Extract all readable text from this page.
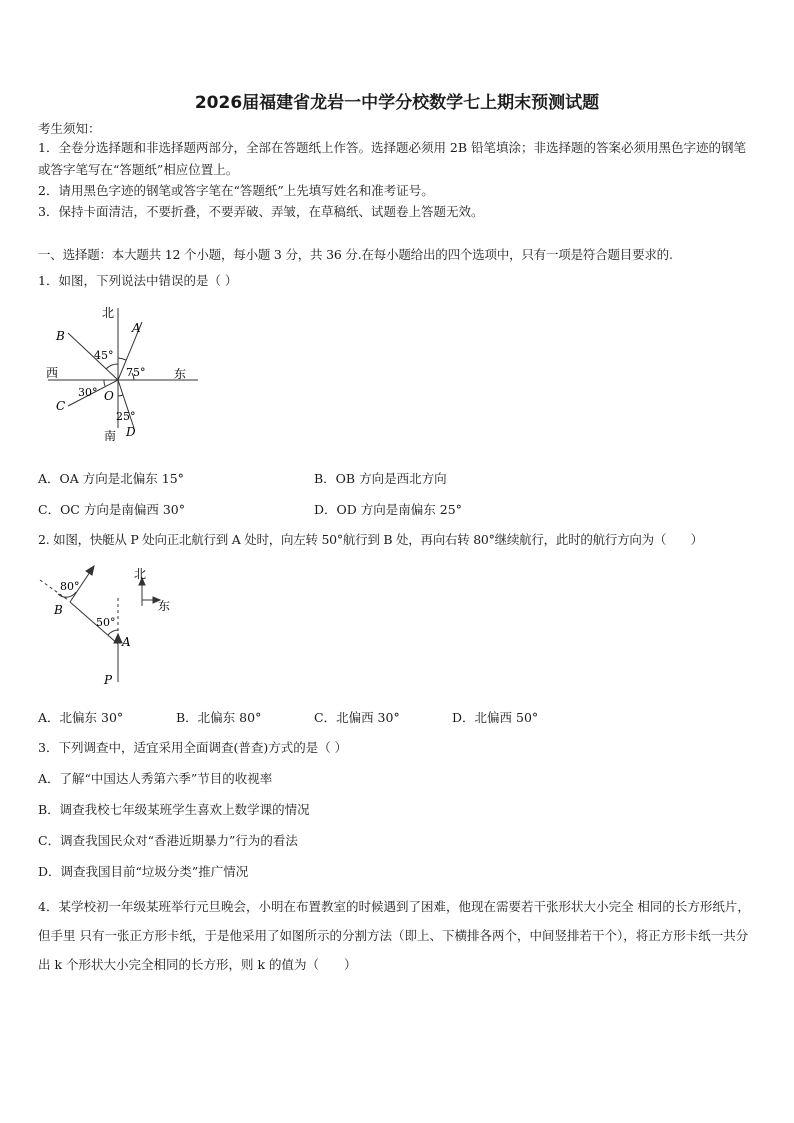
2026届福建省龙岩一中学分校数学七上期末预测试题
考生须知：
1．全卷分选择题和非选择题两部分，全部在答题纸上作答。选择题必须用 2B 铅笔填涂；非选择题的答案必须用黑色字迹的钢笔或答字笔写在“答题纸”相应位置上。
2．请用黑色字迹的钢笔或答字笔在“答题纸”上先填写姓名和准考证号。
3．保持卡面清洁，不要折叠，不要弄破、弄皱，在草稿纸、试题卷上答题无效。
一、选择题：本大题共 12 个小题，每小题 3 分，共 36 分.在每小题给出的四个选项中，只有一项是符合题目要求的.
1．如图，下列说法中错误的是（ ）
北
南
西	东
A
B
C
D
O
45°
75°
30°
25°
A．OA 方向是北偏东 15°	B．OB 方向是西北方向
C．OC 方向是南偏西 30°	D．OD 方向是南偏东 25°
2. 如图，快艇从 P 处向正北航行到 A 处时，向左转 50°航行到 B 处，再向右转 80°继续航行，此时的航行方向为（　　）
北
东
B
A
P
80°
50°
A．北偏东 30°	B．北偏东 80°	C．北偏西 30°	D．北偏西 50°
3．下列调查中，适宜采用全面调查(普查)方式的是（ ）
A．了解“中国达人秀第六季”节目的收视率
B．调查我校七年级某班学生喜欢上数学课的情况
C．调查我国民众对“香港近期暴力”行为的看法
D．调查我国目前“垃圾分类”推广情况
4．某学校初一年级某班举行元旦晚会，小明在布置教室的时候遇到了困难，他现在需要若干张形状大小完全 相同的长方形纸片，但手里 只有一张正方形卡纸，于是他采用了如图所示的分割方法（即上、下横排各两个，中间竖排若干个），将正方形卡纸一共分出 k 个形状大小完全相同的长方形，则 k 的值为（　　）
